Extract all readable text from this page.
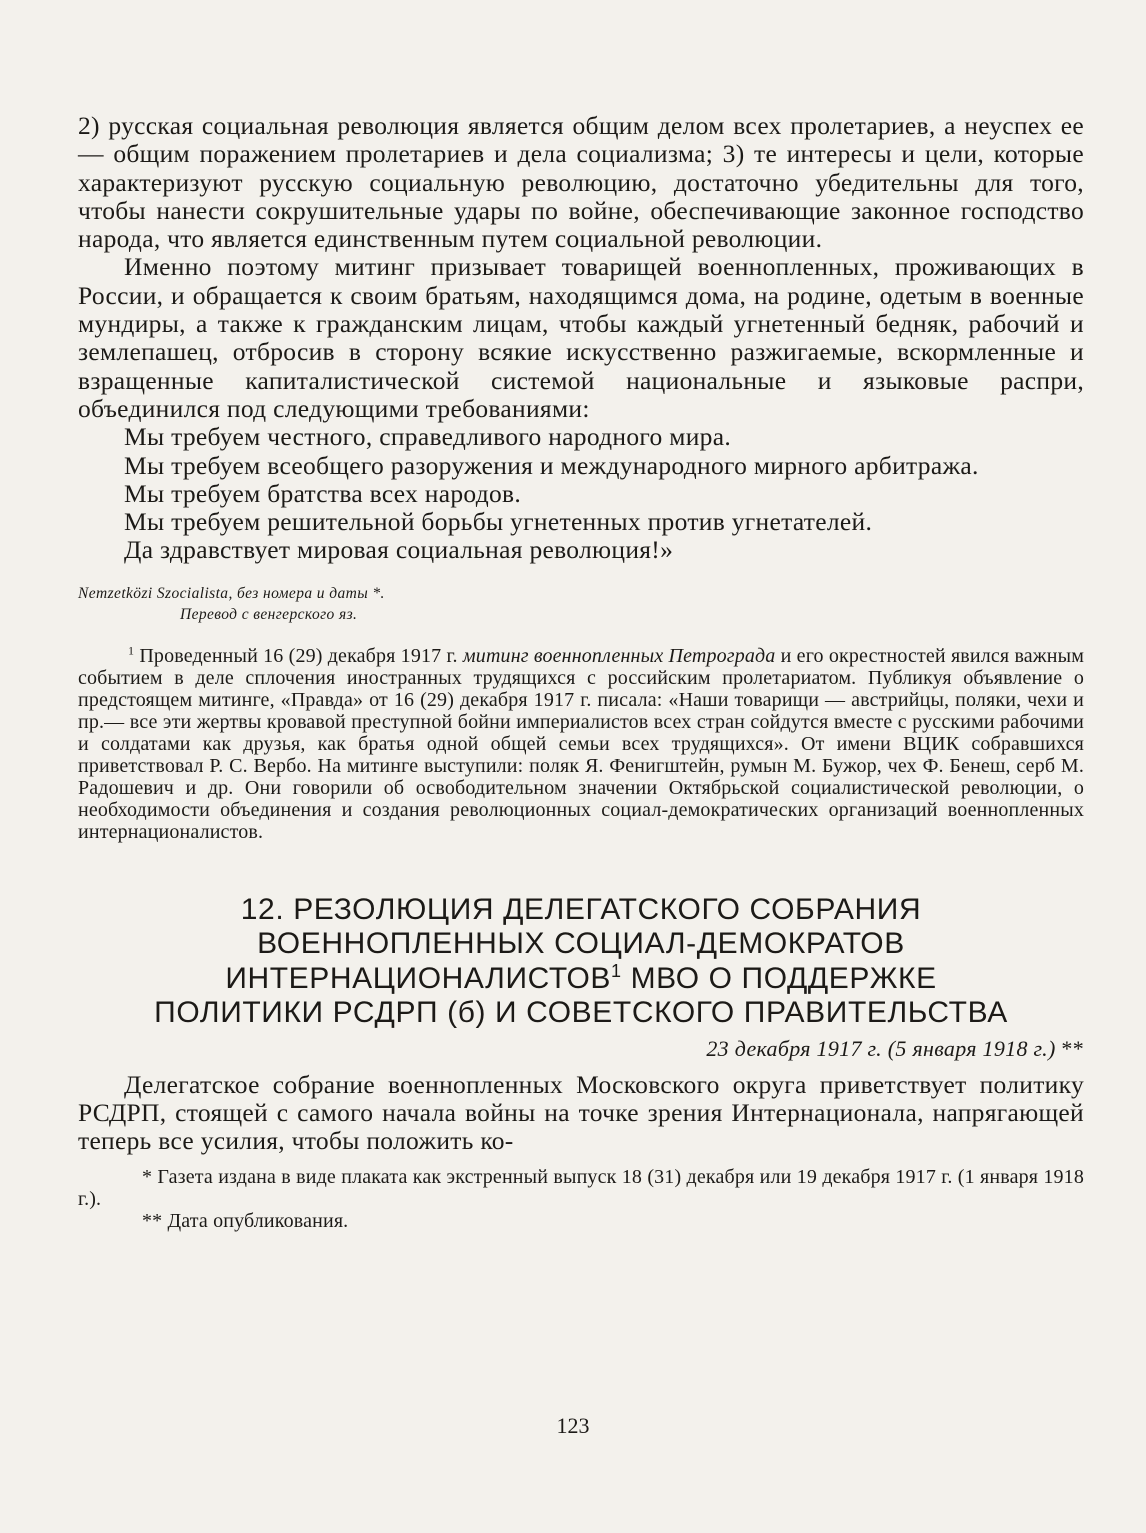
2) русская социальная революция является общим делом всех пролетариев, а неуспех ее — общим поражением пролетариев и дела социализма; 3) те интересы и цели, которые характеризуют русскую социальную революцию, достаточно убедительны для того, чтобы нанести сокрушительные удары по войне, обеспечивающие законное господство народа, что является единственным путем социальной революции.

Именно поэтому митинг призывает товарищей военнопленных, проживающих в России, и обращается к своим братьям, находящимся дома, на родине, одетым в военные мундиры, а также к гражданским лицам, чтобы каждый угнетенный бедняк, рабочий и землепашец, отбросив в сторону всякие искусственно разжигаемые, вскормленные и взращенные капиталистической системой национальные и языковые распри, объединился под следующими требованиями:

Мы требуем честного, справедливого народного мира.

Мы требуем всеобщего разоружения и международного мирного арбитража.

Мы требуем братства всех народов.

Мы требуем решительной борьбы угнетенных против угнетателей.

Да здравствует мировая социальная революция!»

Nemzetközi Szocialista, без номера и даты *.

Перевод с венгерского яз.

$^1$ Проведенный 16 (29) декабря 1917 г. митинг военнопленных Петрограда и его окрестностей явился важным событием в деле сплочения иностранных трудящихся с российским пролетариатом. Публикуя объявление о предстоящем митинге, «Правда» от 16 (29) декабря 1917 г. писала: «Наши товарищи — австрийцы, поляки, чехи и пр.— все эти жертвы кровавой преступной бойни империалистов всех стран сойдутся вместе с русскими рабочими и солдатами как друзья, как братья одной общей семьи всех трудящихся». От имени ВЦИК собравшихся приветствовал Р. С. Вербо. На митинге выступили: поляк Я. Фенигштейн, румын М. Бужор, чех Ф. Бенеш, серб М. Радошевич и др. Они говорили об освободительном значении Октябрьской социалистической революции, о необходимости объединения и создания революционных социал-демократических организаций военнопленных интернационалистов.

12. РЕЗОЛЮЦИЯ ДЕЛЕГАТСКОГО СОБРАНИЯ
ВОЕННОПЛЕННЫХ СОЦИАЛ-ДЕМОКРАТОВ
ИНТЕРНАЦИОНАЛИСТОВ$^1$ МВО О ПОДДЕРЖКЕ
ПОЛИТИКИ РСДРП (б) И СОВЕТСКОГО ПРАВИТЕЛЬСТВА
23 декабря 1917 г. (5 января 1918 г.) **

Делегатское собрание военнопленных Московского округа приветствует политику РСДРП, стоящей с самого начала войны на точке зрения Интернационала, напрягающей теперь все усилия, чтобы положить ко-

* Газета издана в виде плаката как экстренный выпуск 18 (31) декабря или 19 декабря 1917 г. (1 января 1918 г.).

** Дата опубликования.

123
